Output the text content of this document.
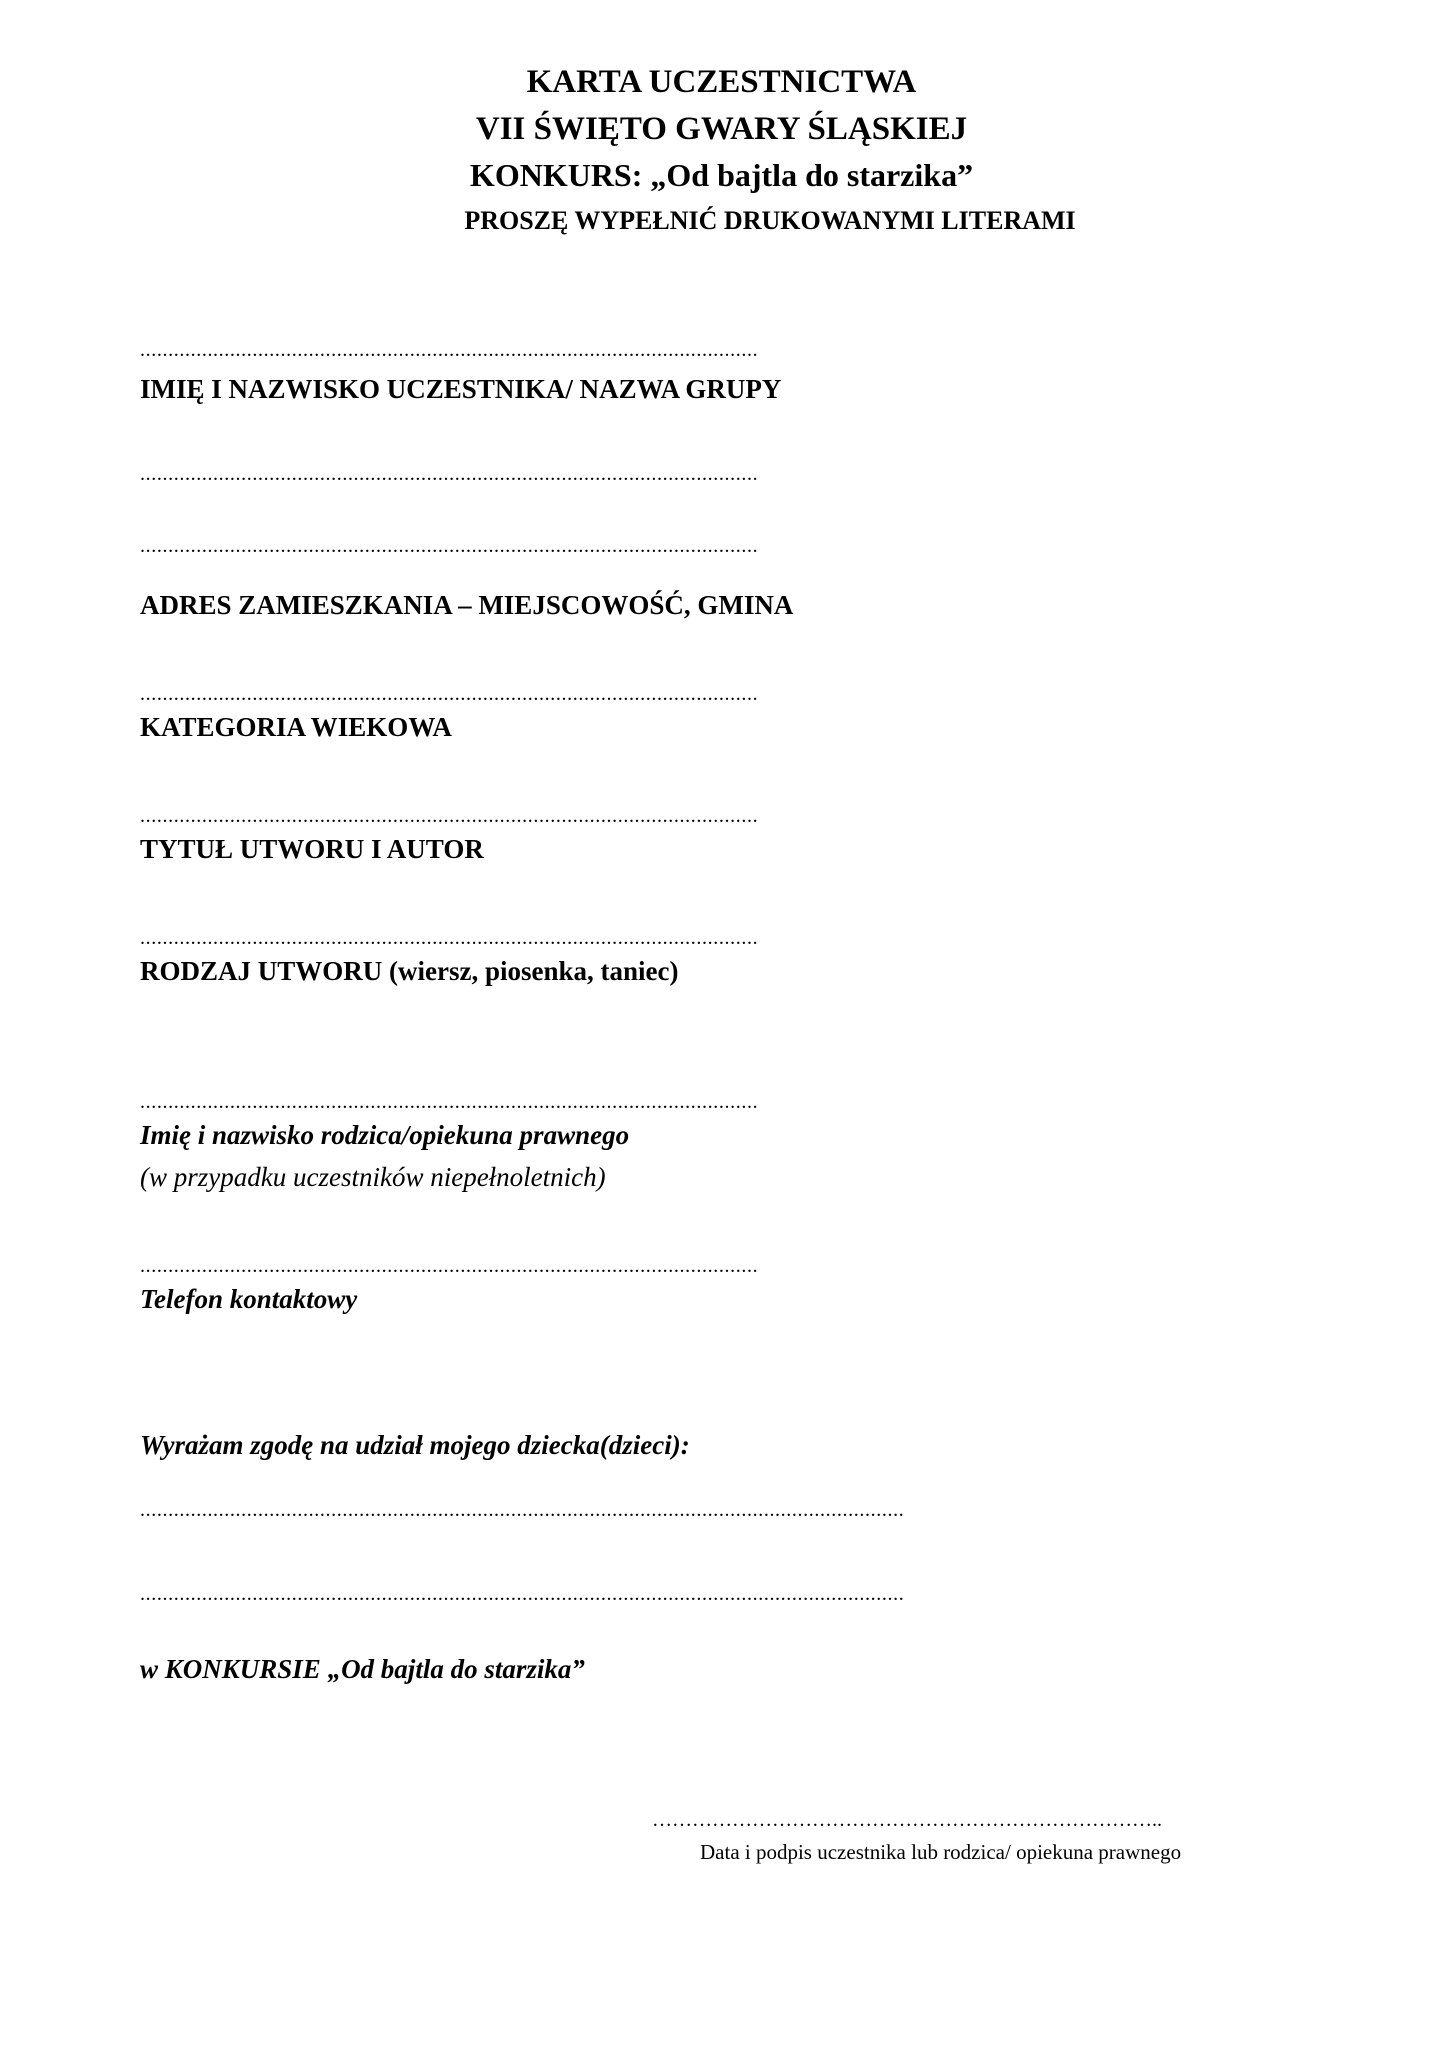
KARTA UCZESTNICTWA
VII ŚWIĘTO GWARY ŚLĄSKIEJ
KONKURS: „Od bajtla do starzika”
PROSZĘ WYPEŁNIĆ DRUKOWANYMI LITERAMI
..............................................................................................................
IMIĘ I NAZWISKO UCZESTNIKA/ NAZWA GRUPY
..............................................................................................................
..............................................................................................................
ADRES ZAMIESZKANIA – MIEJSCOWOŚĆ, GMINA
..............................................................................................................
KATEGORIA WIEKOWA
..............................................................................................................
TYTUŁ UTWORU I AUTOR
..............................................................................................................
RODZAJ UTWORU (wiersz, piosenka, taniec)
..............................................................................................................
Imię i nazwisko rodzica/opiekuna prawnego
(w przypadku uczestników niepełnoletnich)
..............................................................................................................
Telefon kontaktowy
Wyrażam zgodę na udział mojego dziecka(dzieci):
........................................................................................................................................
........................................................................................................................................
w KONKURSIE „Od bajtla do starzika”
…………………………………………………………………..
Data i podpis uczestnika lub rodzica/ opiekuna prawnego
